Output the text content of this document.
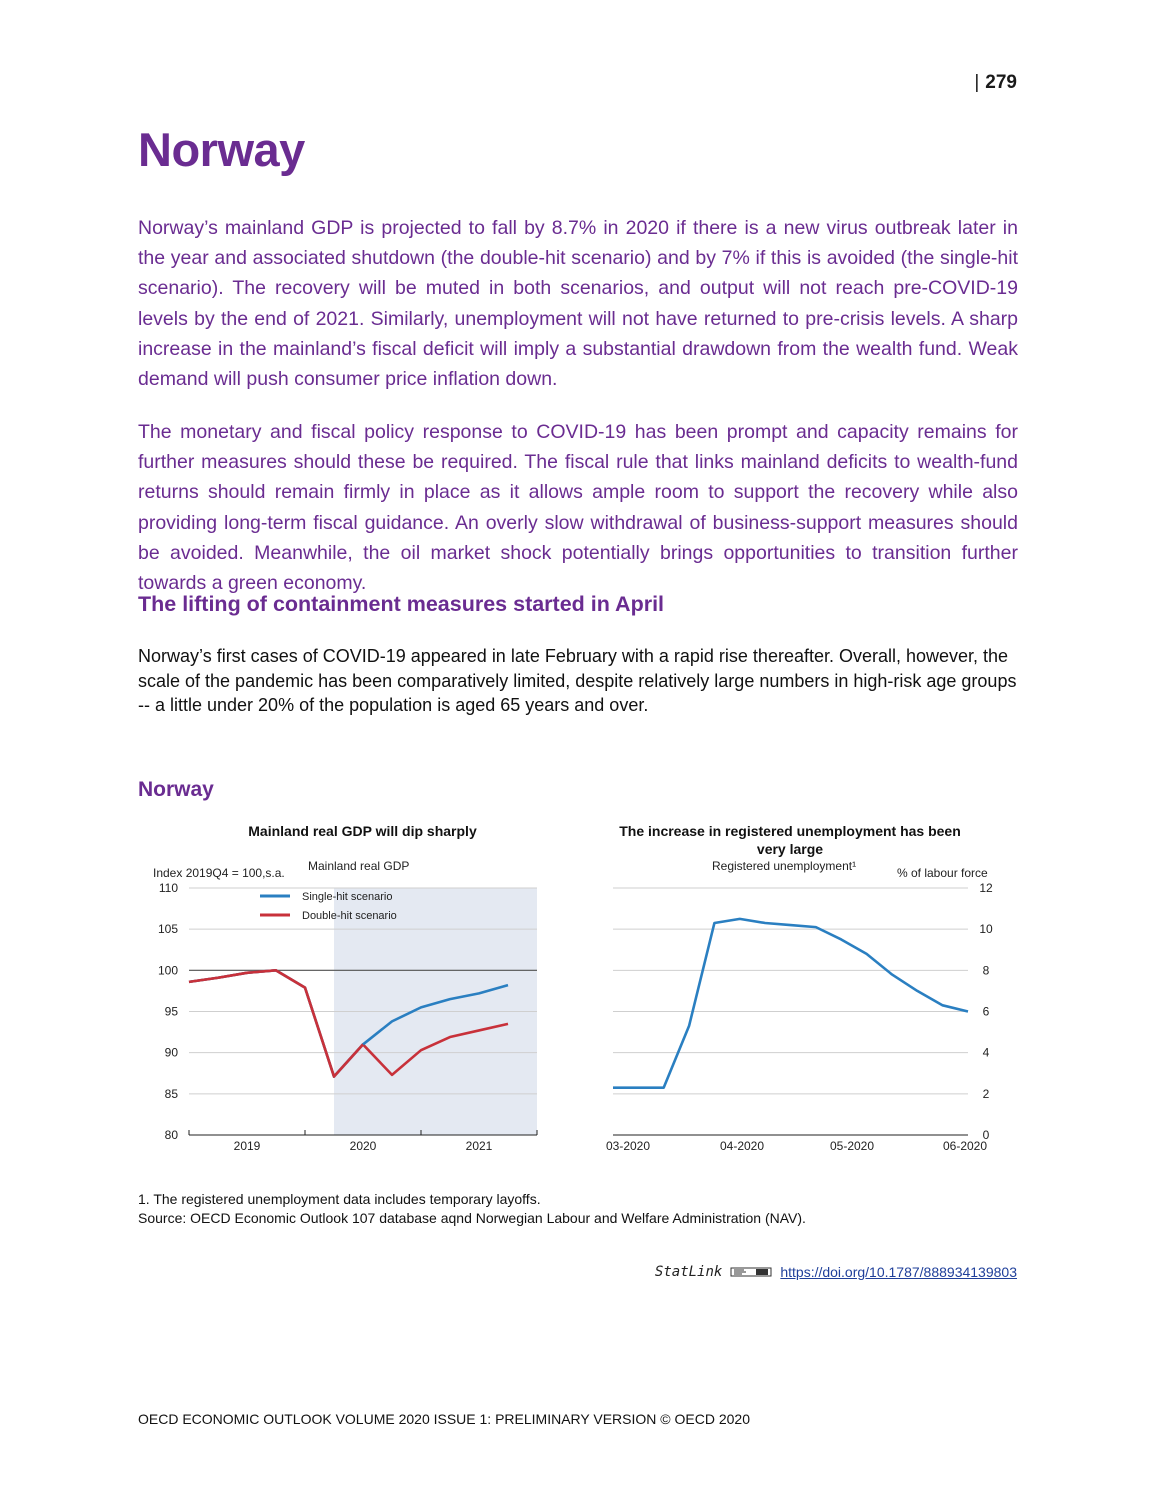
| 279
Norway

Norway’s mainland GDP is projected to fall by 8.7% in 2020 if there is a new virus outbreak later in the year and associated shutdown (the double-hit scenario) and by 7% if this is avoided (the single-hit scenario). The recovery will be muted in both scenarios, and output will not reach pre-COVID-19 levels by the end of 2021. Similarly, unemployment will not have returned to pre-crisis levels. A sharp increase in the mainland’s fiscal deficit will imply a substantial drawdown from the wealth fund. Weak demand will push consumer price inflation down.

The monetary and fiscal policy response to COVID-19 has been prompt and capacity remains for further measures should these be required. The fiscal rule that links mainland deficits to wealth-fund returns should remain firmly in place as it allows ample room to support the recovery while also providing long-term fiscal guidance. An overly slow withdrawal of business-support measures should be avoided. Meanwhile, the oil market shock potentially brings opportunities to transition further towards a green economy.

The lifting of containment measures started in April

Norway’s first cases of COVID-19 appeared in late February with a rapid rise thereafter. Overall, however, the scale of the pandemic has been comparatively limited, despite relatively large numbers in high-risk age groups -- a little under 20% of the population is aged 65 years and over.

Norway
Mainland real GDP will dip sharply
Index 2019Q4 = 100,s.a. Mainland real GDP
80
85
90
95
100
105
110
2019	2020	2021
Single-hit scenario
Double-hit scenario
The increase in registered unemployment has been very large
Registered unemployment¹	% of labour force
0
2
4
6
8
10
12
03-2020	04-2020	05-2020	06-2020

1. The registered unemployment data includes temporary layoffs.
Source: OECD Economic Outlook 107 database aqnd Norwegian Labour and Welfare Administration (NAV).

StatLink	https://doi.org/10.1787/888934139803
OECD ECONOMIC OUTLOOK VOLUME 2020 ISSUE 1: PRELIMINARY VERSION © OECD 2020
